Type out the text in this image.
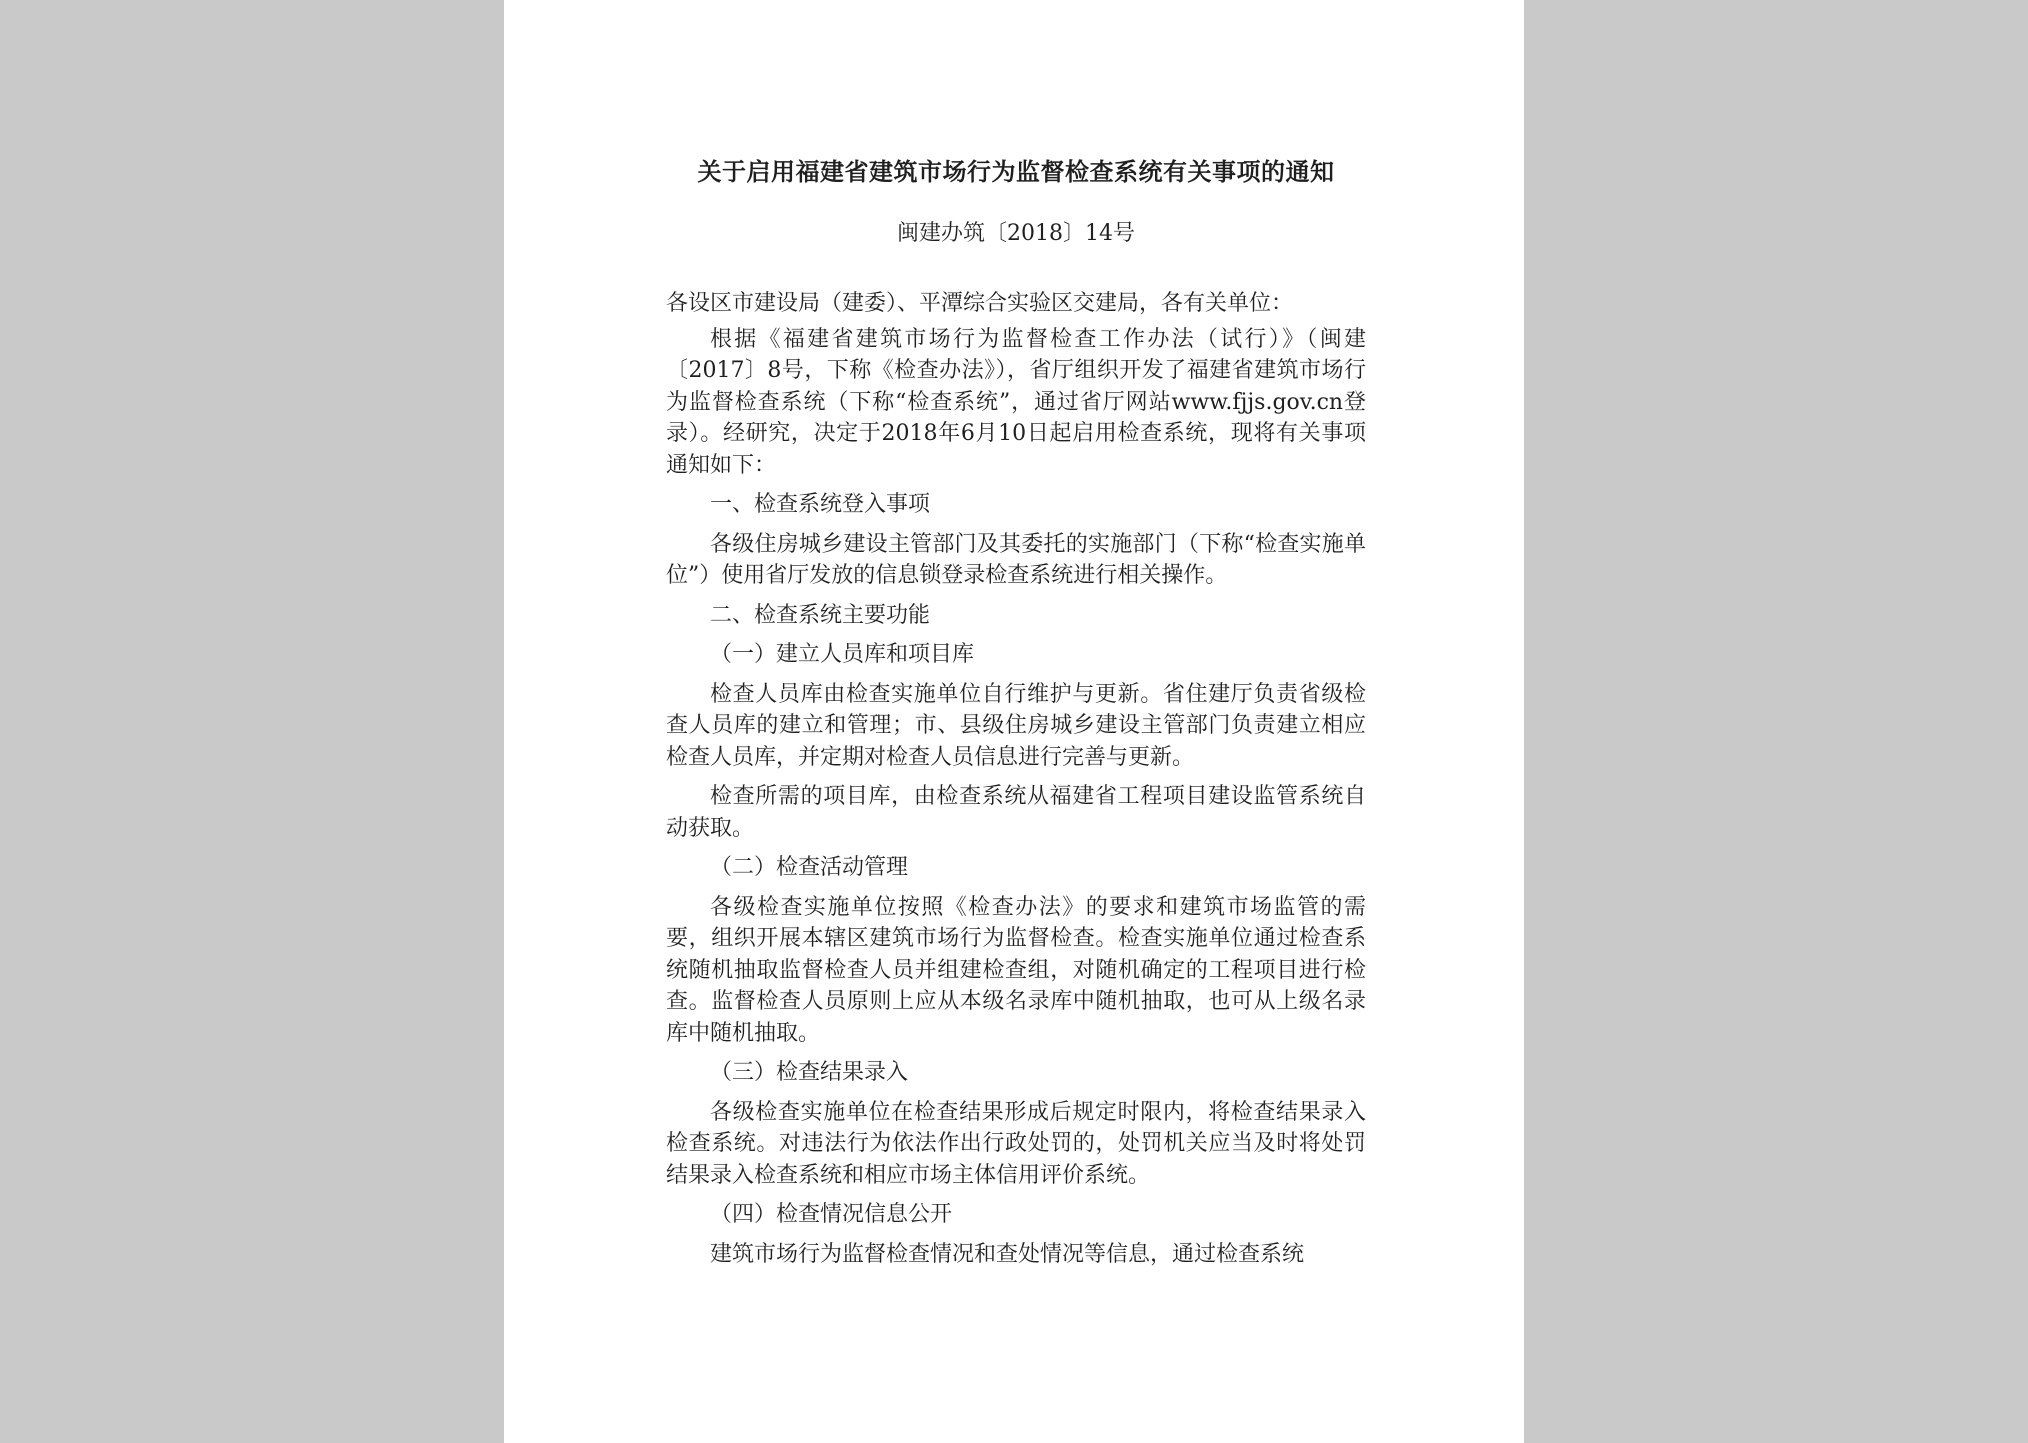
关于启用福建省建筑市场行为监督检查系统有关事项的通知
闽建办筑〔2018〕14号

各设区市建设局（建委）、平潭综合实验区交建局，各有关单位：

根据《福建省建筑市场行为监督检查工作办法（试行）》（闽建〔2017〕8号，下称《检查办法》），省厅组织开发了福建省建筑市场行为监督检查系统（下称“检查系统”，通过省厅网站www.fjjs.gov.cn登录）。经研究，决定于2018年6月10日起启用检查系统，现将有关事项通知如下：

一、检查系统登入事项

各级住房城乡建设主管部门及其委托的实施部门（下称“检查实施单位”）使用省厅发放的信息锁登录检查系统进行相关操作。

二、检查系统主要功能

（一）建立人员库和项目库

检查人员库由检查实施单位自行维护与更新。省住建厅负责省级检查人员库的建立和管理；市、县级住房城乡建设主管部门负责建立相应检查人员库，并定期对检查人员信息进行完善与更新。

检查所需的项目库，由检查系统从福建省工程项目建设监管系统自动获取。

（二）检查活动管理

各级检查实施单位按照《检查办法》的要求和建筑市场监管的需要，组织开展本辖区建筑市场行为监督检查。检查实施单位通过检查系统随机抽取监督检查人员并组建检查组，对随机确定的工程项目进行检查。监督检查人员原则上应从本级名录库中随机抽取，也可从上级名录库中随机抽取。

（三）检查结果录入

各级检查实施单位在检查结果形成后规定时限内，将检查结果录入检查系统。对违法行为依法作出行政处罚的，处罚机关应当及时将处罚结果录入检查系统和相应市场主体信用评价系统。

（四）检查情况信息公开

建筑市场行为监督检查情况和查处情况等信息，通过检查系统
